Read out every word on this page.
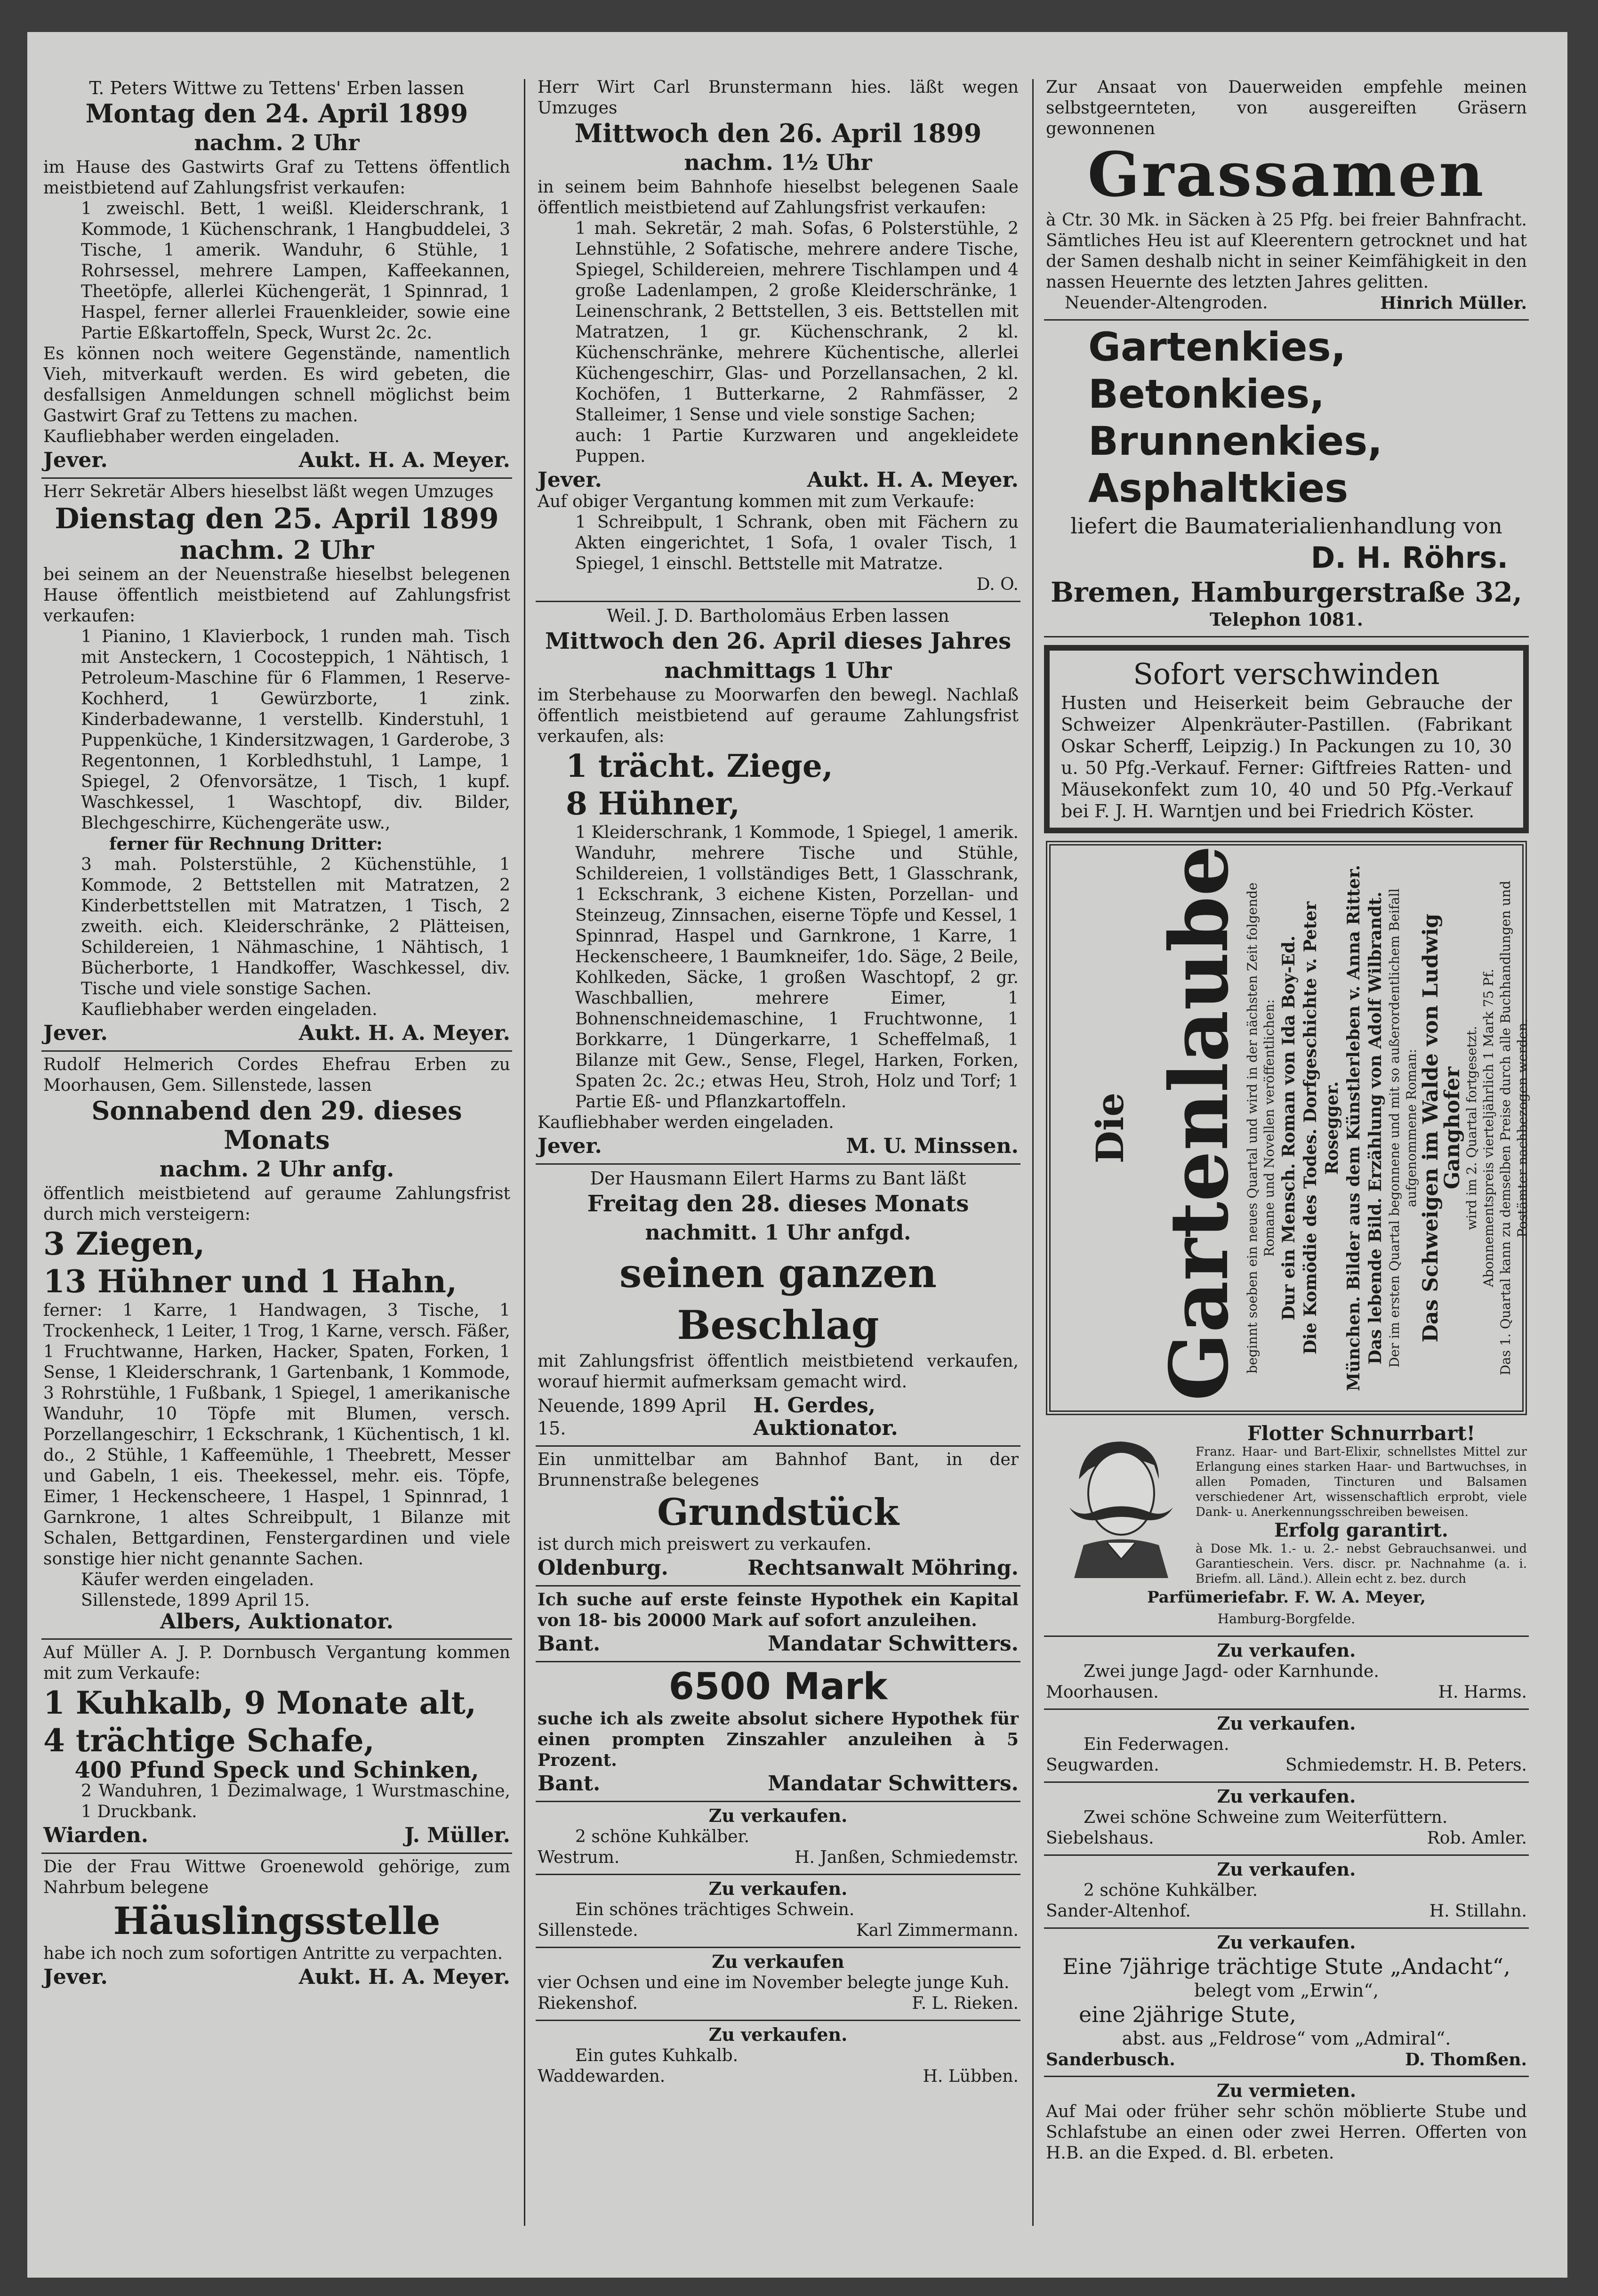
T. Peters Wittwe zu Tettens' Erben lassen
Montag den 24. April 1899
nachm. 2 Uhr
im Hause des Gastwirts Graf zu Tettens öffentlich meistbietend auf Zahlungsfrist verkaufen:
1 zweischl. Bett, 1 weißl. Kleiderschrank, 1 Kommode, 1 Küchenschrank, 1 Hangbuddelei, 3 Tische, 1 amerik. Wanduhr, 6 Stühle, 1 Rohrsessel, mehrere Lampen, Kaffeekannen, Theetöpfe, allerlei Küchengerät, 1 Spinnrad, 1 Haspel, ferner allerlei Frauenkleider, sowie eine Partie Eßkartoffeln, Speck, Wurst 2c. 2c.
Es können noch weitere Gegenstände, namentlich Vieh, mitverkauft werden. Es wird gebeten, die desfallsigen Anmeldungen schnell möglichst beim Gastwirt Graf zu Tettens zu machen.
Kaufliebhaber werden eingeladen.
Jever.	Aukt. H. A. Meyer.
Herr Sekretär Albers hieselbst läßt wegen Umzuges
Dienstag den 25. April 1899
nachm. 2 Uhr
bei seinem an der Neuenstraße hieselbst belegenen Hause öffentlich meistbietend auf Zahlungsfrist verkaufen:
1 Pianino, 1 Klavierbock, 1 runden mah. Tisch mit Ansteckern, 1 Cocosteppich, 1 Nähtisch, 1 Petroleum-Maschine für 6 Flammen, 1 Reserve-Kochherd, 1 Gewürzborte, 1 zink. Kinderbadewanne, 1 verstellb. Kinderstuhl, 1 Puppenküche, 1 Kindersitzwagen, 1 Garderobe, 3 Regentonnen, 1 Korbledhstuhl, 1 Lampe, 1 Spiegel, 2 Ofenvorsätze, 1 Tisch, 1 kupf. Waschkessel, 1 Waschtopf, div. Bilder, Blechgeschirre, Küchengeräte usw.,
ferner für Rechnung Dritter:
3 mah. Polsterstühle, 2 Küchenstühle, 1 Kommode, 2 Bettstellen mit Matratzen, 2 Kinderbettstellen mit Matratzen, 1 Tisch, 2 zweith. eich. Kleiderschränke, 2 Plätteisen, Schildereien, 1 Nähmaschine, 1 Nähtisch, 1 Bücherborte, 1 Handkoffer, Waschkessel, div. Tische und viele sonstige Sachen.
Kaufliebhaber werden eingeladen.
Jever.	Aukt. H. A. Meyer.
Rudolf Helmerich Cordes Ehefrau Erben zu Moorhausen, Gem. Sillenstede, lassen
Sonnabend den 29. dieses Monats
nachm. 2 Uhr anfg.
öffentlich meistbietend auf geraume Zahlungsfrist durch mich versteigern:
3 Ziegen,
13 Hühner und 1 Hahn,
ferner: 1 Karre, 1 Handwagen, 3 Tische, 1 Trockenheck, 1 Leiter, 1 Trog, 1 Karne, versch. Fäßer, 1 Fruchtwanne, Harken, Hacker, Spaten, Forken, 1 Sense, 1 Kleiderschrank, 1 Gartenbank, 1 Kommode, 3 Rohrstühle, 1 Fußbank, 1 Spiegel, 1 amerikanische Wanduhr, 10 Töpfe mit Blumen, versch. Porzellangeschirr, 1 Eckschrank, 1 Küchentisch, 1 kl. do., 2 Stühle, 1 Kaffeemühle, 1 Theebrett, Messer und Gabeln, 1 eis. Theekessel, mehr. eis. Töpfe, Eimer, 1 Heckenscheere, 1 Haspel, 1 Spinnrad, 1 Garnkrone, 1 altes Schreibpult, 1 Bilanze mit Schalen, Bettgardinen, Fenstergardinen und viele sonstige hier nicht genannte Sachen.
Käufer werden eingeladen.
Sillenstede, 1899 April 15.
Albers, Auktionator.
Auf Müller A. J. P. Dornbusch Vergantung kommen mit zum Verkaufe:
1 Kuhkalb, 9 Monate alt,
4 trächtige Schafe,
400 Pfund Speck und Schinken,
2 Wanduhren, 1 Dezimalwage, 1 Wurstmaschine, 1 Druckbank.
Wiarden.	J. Müller.
Die der Frau Wittwe Groenewold gehörige, zum Nahrbum belegene
Häuslingsstelle
habe ich noch zum sofortigen Antritte zu verpachten.
Jever.	Aukt. H. A. Meyer.
Herr Wirt Carl Brunstermann hies. läßt wegen Umzuges
Mittwoch den 26. April 1899
nachm. 1½ Uhr
in seinem beim Bahnhofe hieselbst belegenen Saale öffentlich meistbietend auf Zahlungsfrist verkaufen:
1 mah. Sekretär, 2 mah. Sofas, 6 Polsterstühle, 2 Lehnstühle, 2 Sofatische, mehrere andere Tische, Spiegel, Schildereien, mehrere Tischlampen und 4 große Ladenlampen, 2 große Kleiderschränke, 1 Leinenschrank, 2 Bettstellen, 3 eis. Bettstellen mit Matratzen, 1 gr. Küchenschrank, 2 kl. Küchenschränke, mehrere Küchentische, allerlei Küchengeschirr, Glas- und Porzellansachen, 2 kl. Kochöfen, 1 Butterkarne, 2 Rahmfässer, 2 Stalleimer, 1 Sense und viele sonstige Sachen;
auch: 1 Partie Kurzwaren und angekleidete Puppen.
Jever.	Aukt. H. A. Meyer.
Auf obiger Vergantung kommen mit zum Verkaufe:
1 Schreibpult, 1 Schrank, oben mit Fächern zu Akten eingerichtet, 1 Sofa, 1 ovaler Tisch, 1 Spiegel, 1 einschl. Bettstelle mit Matratze.
D. O.
Weil. J. D. Bartholomäus Erben lassen
Mittwoch den 26. April dieses Jahres
nachmittags 1 Uhr
im Sterbehause zu Moorwarfen den bewegl. Nachlaß öffentlich meistbietend auf geraume Zahlungsfrist verkaufen, als:
1 trächt. Ziege,
8 Hühner,
1 Kleiderschrank, 1 Kommode, 1 Spiegel, 1 amerik. Wanduhr, mehrere Tische und Stühle, Schildereien, 1 vollständiges Bett, 1 Glasschrank, 1 Eckschrank, 3 eichene Kisten, Porzellan- und Steinzeug, Zinnsachen, eiserne Töpfe und Kessel, 1 Spinnrad, Haspel und Garnkrone, 1 Karre, 1 Heckenscheere, 1 Baumkneifer, 1do. Säge, 2 Beile, Kohlkeden, Säcke, 1 großen Waschtopf, 2 gr. Waschballien, mehrere Eimer, 1 Bohnenschneidemaschine, 1 Fruchtwonne, 1 Borkkarre, 1 Düngerkarre, 1 Scheffelmaß, 1 Bilanze mit Gew., Sense, Flegel, Harken, Forken, Spaten 2c. 2c.; etwas Heu, Stroh, Holz und Torf; 1 Partie Eß- und Pflanzkartoffeln.
Kaufliebhaber werden eingeladen.
Jever.	M. U. Minssen.
Der Hausmann Eilert Harms zu Bant läßt
Freitag den 28. dieses Monats
nachmitt. 1 Uhr anfgd.
seinen ganzen Beschlag
mit Zahlungsfrist öffentlich meistbietend verkaufen, worauf hiermit aufmerksam gemacht wird.
Neuende, 1899 April 15.
H. Gerdes, Auktionator.
Ein unmittelbar am Bahnhof Bant, in der Brunnenstraße belegenes
Grundstück
ist durch mich preiswert zu verkaufen.
Oldenburg.	Rechtsanwalt Möhring.
Ich suche auf erste feinste Hypothek ein Kapital von 18- bis 20000 Mark auf sofort anzuleihen.
Bant.	Mandatar Schwitters.
6500 Mark
suche ich als zweite absolut sichere Hypothek für einen prompten Zinszahler anzuleihen à 5 Prozent.
Bant.	Mandatar Schwitters.
Zu verkaufen.
2 schöne Kuhkälber.
Westrum.	H. Janßen, Schmiedemstr.
Zu verkaufen.
Ein schönes trächtiges Schwein.
Sillenstede.	Karl Zimmermann.
Zu verkaufen
vier Ochsen und eine im November belegte junge Kuh.
Riekenshof.	F. L. Rieken.
Zu verkaufen.
Ein gutes Kuhkalb.
Waddewarden.	H. Lübben.
Zur Ansaat von Dauerweiden empfehle meinen selbstgeernteten, von ausgereiften Gräsern gewonnenen
Grassamen
à Ctr. 30 Mk. in Säcken à 25 Pfg. bei freier Bahnfracht. Sämtliches Heu ist auf Kleerentern getrocknet und hat der Samen deshalb nicht in seiner Keimfähigkeit in den nassen Heuernte des letzten Jahres gelitten.
Neuender-Altengroden.	Hinrich Müller.
Gartenkies,
Betonkies,
Brunnenkies,
Asphaltkies
liefert die Baumaterialienhandlung von
D. H. Röhrs.
Bremen, Hamburgerstraße 32,
Telephon 1081.
Sofort verschwinden
Husten und Heiserkeit beim Gebrauche der Schweizer Alpenkräuter-Pastillen. (Fabrikant Oskar Scherff, Leipzig.) In Packungen zu 10, 30 u. 50 Pfg.-Verkauf. Ferner: Giftfreies Ratten- und Mäusekonfekt zum 10, 40 und 50 Pfg.-Verkauf bei F. J. H. Warntjen und bei Friedrich Köster.
Die Gartenlaube
beginnt soeben ein neues Quartal und wird in der nächsten Zeit folgende Romane und Novellen veröffentlichen: Dur ein Mensch. Roman von Ida Boy-Ed. Die Komödie des Todes. Dorfgeschichte v. Peter Rosegger. München. Bilder aus dem Künstlerleben v. Anna Ritter. Das lebende Bild. Erzählung von Adolf Wilbrandt. Der im ersten Quartal begonnene und mit so außerordentlichem Beifall aufgenommene Roman: Das Schweigen im Walde von Ludwig Ganghofer wird im 2. Quartal fortgesetzt. Abonnementspreis vierteljährlich 1 Mark 75 Pf. Das 1. Quartal kann zu demselben Preise durch alle Buchhandlungen und Postämter nachbezogen werden.
Flotter Schnurrbart!
Franz. Haar- und Bart-Elixir, schnellstes Mittel zur Erlangung eines starken Haar- und Bartwuchses, in allen Pomaden, Tincturen und Balsamen verschiedener Art, wissenschaftlich erprobt, viele Dank- u. Anerkennungsschreiben beweisen.
Erfolg garantirt.
à Dose Mk. 1.- u. 2.- nebst Gebrauchsanwei. und Garantieschein. Vers. discr. pr. Nachnahme (a. i. Briefm. all. Länd.). Allein echt z. bez. durch
Parfümeriefabr. F. W. A. Meyer,
Hamburg-Borgfelde.
Zu verkaufen.
Zwei junge Jagd- oder Karnhunde.
Moorhausen.	H. Harms.
Zu verkaufen.
Ein Federwagen.
Seugwarden.	Schmiedemstr. H. B. Peters.
Zu verkaufen.
Zwei schöne Schweine zum Weiterfüttern.
Siebelshaus.	Rob. Amler.
Zu verkaufen.
2 schöne Kuhkälber.
Sander-Altenhof.	H. Stillahn.
Zu verkaufen.
Eine 7jährige trächtige Stute „Andacht“,
belegt vom „Erwin“,
eine 2jährige Stute,
abst. aus „Feldrose“ vom „Admiral“.
Sanderbusch.	D. Thomßen.
Zu vermieten.
Auf Mai oder früher sehr schön möblierte Stube und Schlafstube an einen oder zwei Herren. Offerten von H.B. an die Exped. d. Bl. erbeten.
